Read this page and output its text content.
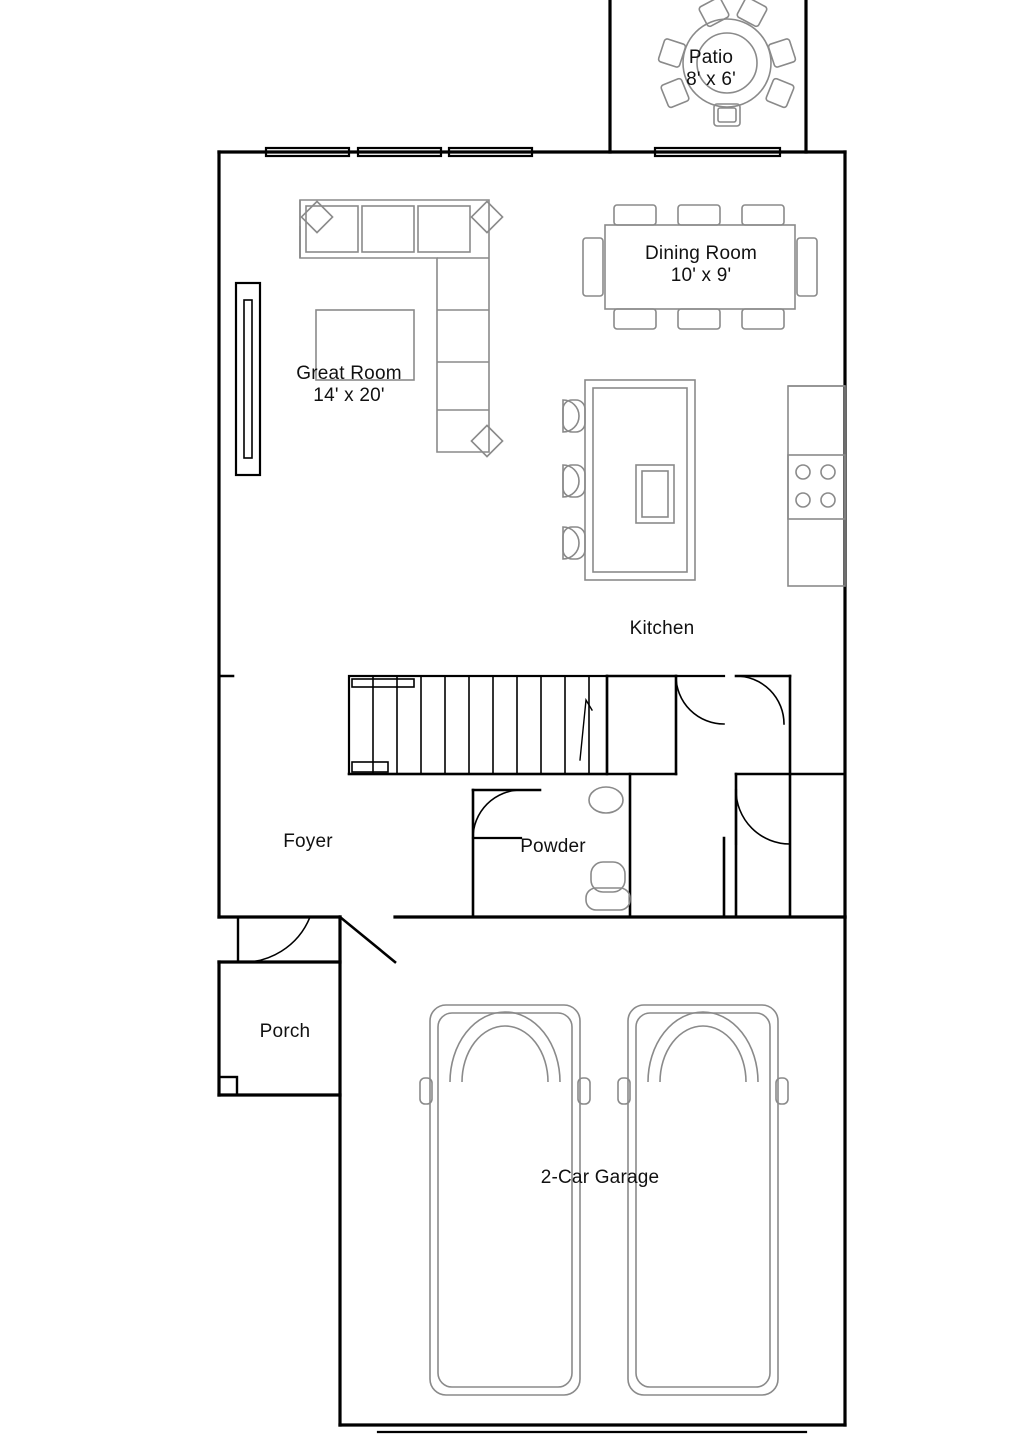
Patio
8' x 6'
Dining Room
10' x 9'
Great Room
14' x 20'
Kitchen
Foyer	Powder
Porch
2-Car Garage
